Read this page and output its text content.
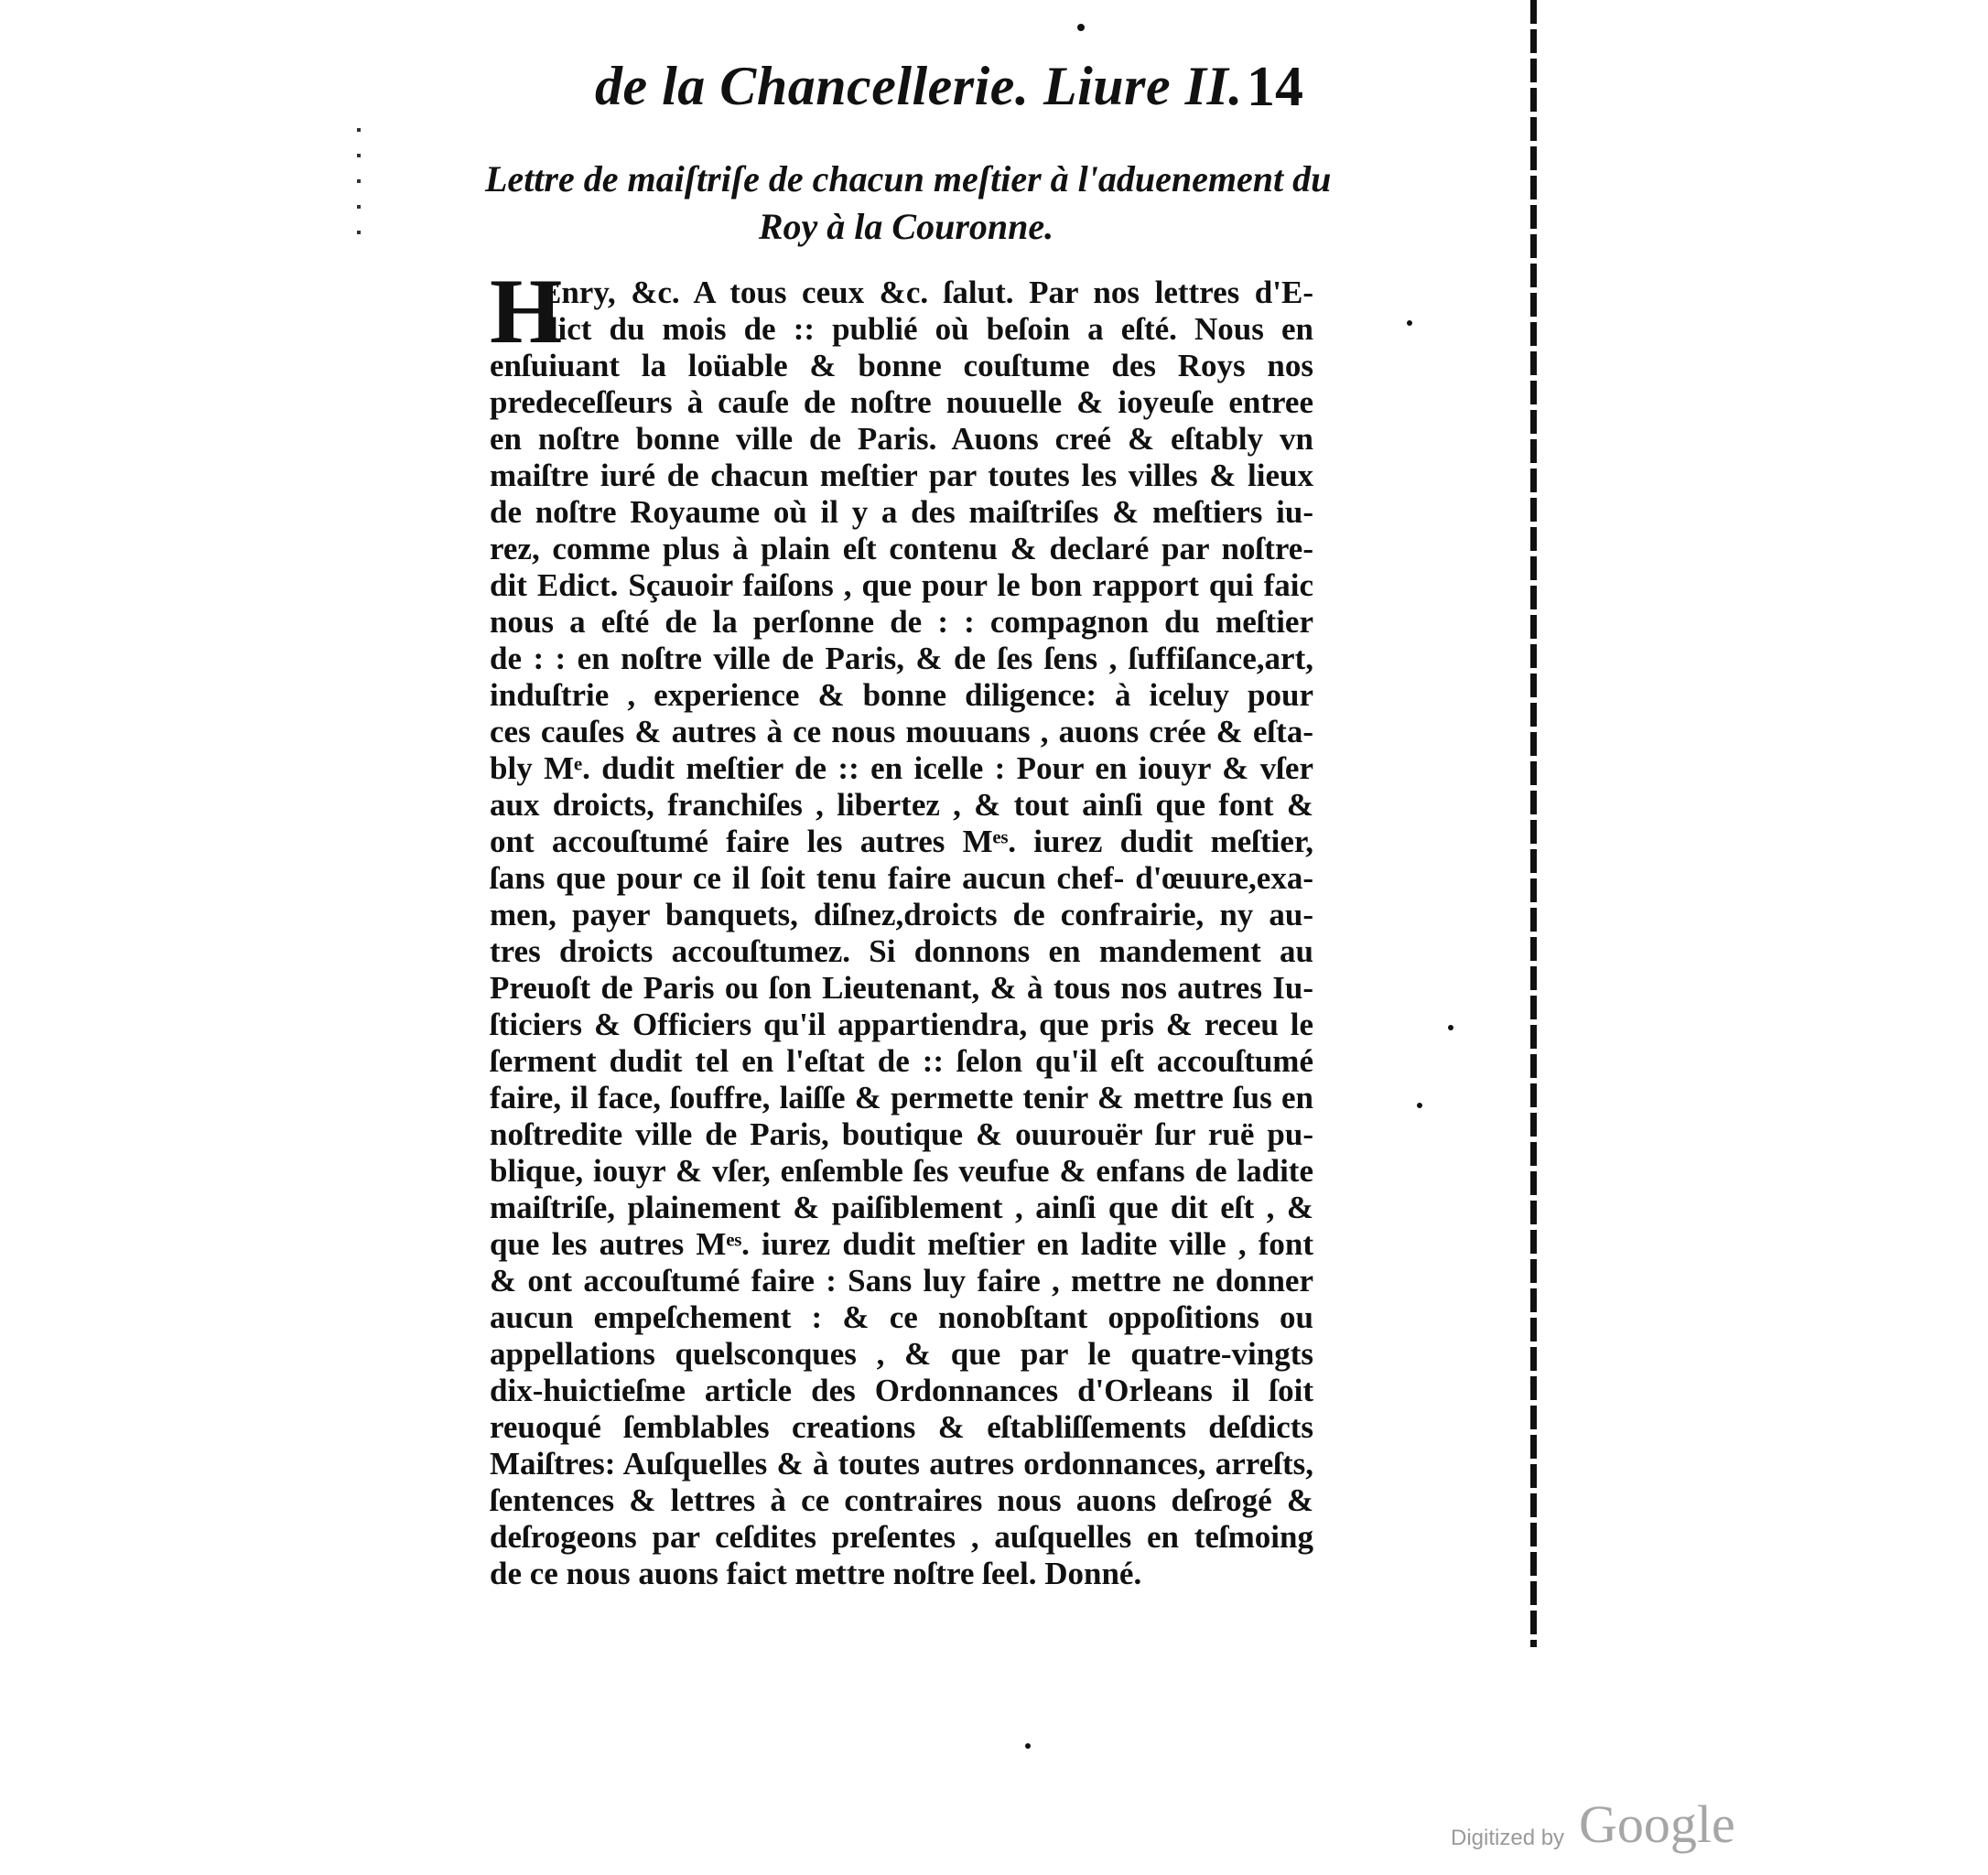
de la Chancellerie. Liure II. 14
Lettre de maiſtriſe de chacun meſtier à l'aduenement du
Roy à la Couronne.
H
Enry, &c. A tous ceux &c. ſalut. Par nos lettres d'E-
dict du mois de :: publié où beſoin a eſté. Nous en
enſuiuant la loüable & bonne couſtume des Roys nos
predeceſſeurs à cauſe de noſtre nouuelle & ioyeuſe entree
en noſtre bonne ville de Paris. Auons creé & eſtably vn
maiſtre iuré de chacun meſtier par toutes les villes & lieux
de noſtre Royaume où il y a des maiſtriſes & meſtiers iu-
rez, comme plus à plain eſt contenu & declaré par noſtre-
dit Edict. Sçauoir faiſons , que pour le bon rapport qui faic
nous a eſté de la perſonne de : : compagnon du meſtier
de : : en noſtre ville de Paris, & de ſes ſens , ſuffiſance,art,
induſtrie , experience & bonne diligence: à iceluy pour
ces cauſes & autres à ce nous mouuans , auons crée & eſta-
bly Mᵉ. dudit meſtier de :: en icelle : Pour en iouyr & vſer
aux droicts, franchiſes , libertez , & tout ainſi que font &
ont accouſtumé faire les autres Mᵉˢ. iurez dudit meſtier,
ſans que pour ce il ſoit tenu faire aucun chef- d'œuure,exa-
men, payer banquets, diſnez,droicts de confrairie, ny au-
tres droicts accouſtumez. Si donnons en mandement au
Preuoſt de Paris ou ſon Lieutenant, & à tous nos autres Iu-
ſticiers & Officiers qu'il appartiendra, que pris & receu le
ſerment dudit tel en l'eſtat de :: ſelon qu'il eſt accouſtumé
faire, il face, ſouffre, laiſſe & permette tenir & mettre ſus en
noſtredite ville de Paris, boutique & ouurouër ſur ruë pu-
blique, iouyr & vſer, enſemble ſes veufue & enfans de ladite
maiſtriſe, plainement & paiſiblement , ainſi que dit eſt , &
que les autres Mᵉˢ. iurez dudit meſtier en ladite ville , font
& ont accouſtumé faire : Sans luy faire , mettre ne donner
aucun empeſchement : & ce nonobſtant oppoſitions ou
appellations quelsconques , & que par le quatre-vingts
dix-huictieſme article des Ordonnances d'Orleans il ſoit
reuoqué ſemblables creations & eſtabliſſements deſdicts
Maiſtres: Auſquelles & à toutes autres ordonnances, arreſts,
ſentences & lettres à ce contraires nous auons deſrogé &
deſrogeons par ceſdites preſentes , auſquelles en teſmoing
de ce nous auons faict mettre noſtre ſeel. Donné.
Digitized by Google
